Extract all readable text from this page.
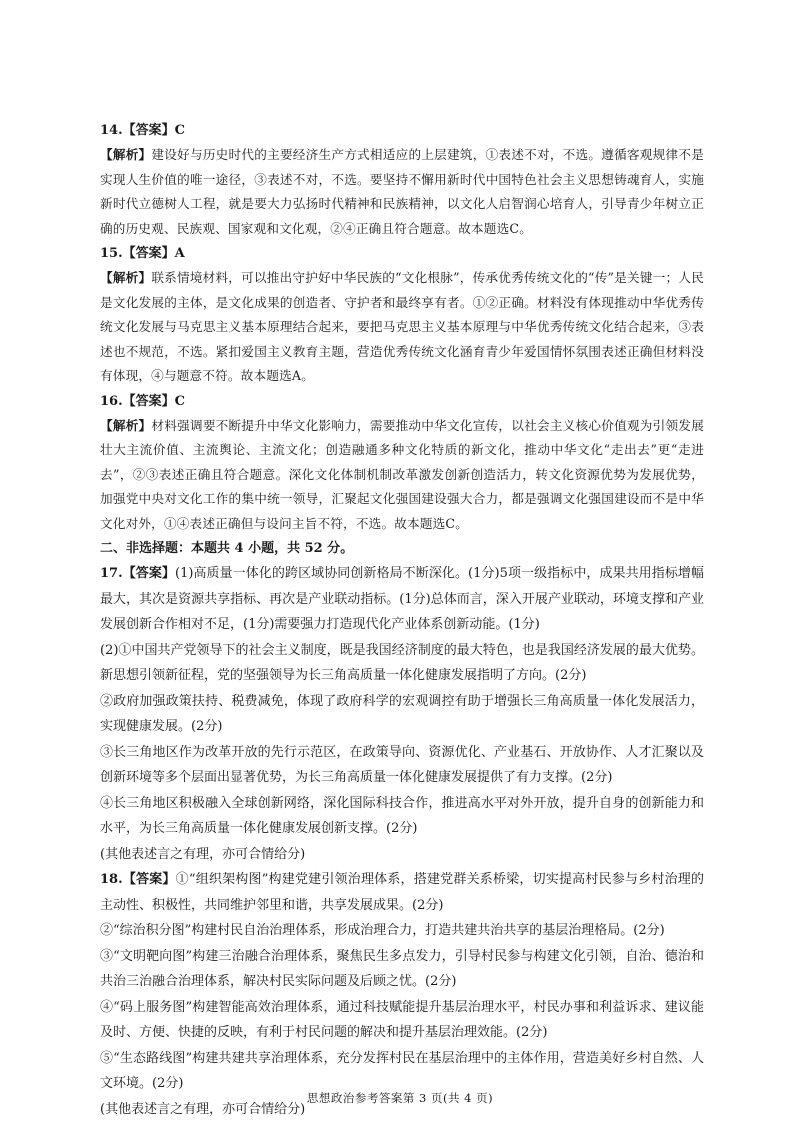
14.【答案】C
【解析】建设好与历史时代的主要经济生产方式相适应的上层建筑，①表述不对，不选。遵循客观规律不是实现人生价值的唯一途径，③表述不对，不选。要坚持不懈用新时代中国特色社会主义思想铸魂育人，实施新时代立德树人工程，就是要大力弘扬时代精神和民族精神，以文化人启智润心培育人，引导青少年树立正确的历史观、民族观、国家观和文化观，②④正确且符合题意。故本题选C。
15.【答案】A
【解析】联系情境材料，可以推出守护好中华民族的“文化根脉”，传承优秀传统文化的“传”是关键一；人民是文化发展的主体，是文化成果的创造者、守护者和最终享有者。①②正确。材料没有体现推动中华优秀传统文化发展与马克思主义基本原理结合起来，要把马克思主义基本原理与中华优秀传统文化结合起来，③表述也不规范，不选。紧扣爱国主义教育主题，营造优秀传统文化涵育青少年爱国情怀氛围表述正确但材料没有体现，④与题意不符。故本题选A。
16.【答案】C
【解析】材料强调要不断提升中华文化影响力，需要推动中华文化宣传，以社会主义核心价值观为引领发展壮大主流价值、主流舆论、主流文化；创造融通多种文化特质的新文化，推动中华文化“走出去”更“走进去”，②③表述正确且符合题意。深化文化体制机制改革激发创新创造活力，转文化资源优势为发展优势，加强党中央对文化工作的集中统一领导，汇聚起文化强国建设强大合力，都是强调文化强国建设而不是中华文化对外，①④表述正确但与设问主旨不符，不选。故本题选C。
二、非选择题：本题共 4 小题，共 52 分。
17.【答案】(1)高质量一体化的跨区域协同创新格局不断深化。(1分)5项一级指标中，成果共用指标增幅最大，其次是资源共享指标、再次是产业联动指标。(1分)总体而言，深入开展产业联动，环境支撑和产业发展创新合作相对不足，(1分)需要强力打造现代化产业体系创新动能。(1分)
(2)①中国共产党领导下的社会主义制度，既是我国经济制度的最大特色，也是我国经济发展的最大优势。新思想引领新征程，党的坚强领导为长三角高质量一体化健康发展指明了方向。(2分)
②政府加强政策扶持、税费减免，体现了政府科学的宏观调控有助于增强长三角高质量一体化发展活力，实现健康发展。(2分)
③长三角地区作为改革开放的先行示范区，在政策导向、资源优化、产业基石、开放协作、人才汇聚以及创新环境等多个层面出显著优势，为长三角高质量一体化健康发展提供了有力支撑。(2分)
④长三角地区积极融入全球创新网络，深化国际科技合作，推进高水平对外开放，提升自身的创新能力和水平，为长三角高质量一体化健康发展创新支撑。(2分)
(其他表述言之有理，亦可合情给分)
18.【答案】①“组织架构图”构建党建引领治理体系，搭建党群关系桥梁，切实提高村民参与乡村治理的主动性、积极性，共同维护邻里和谐，共享发展成果。(2分)
②“综治积分图”构建村民自治治理体系，形成治理合力，打造共建共治共享的基层治理格局。(2分)
③“文明靶向图”构建三治融合治理体系，聚焦民生多点发力，引导村民参与构建文化引领，自治、德治和共治三治融合治理体系，解决村民实际问题及后顾之忧。(2分)
④“码上服务图”构建智能高效治理体系，通过科技赋能提升基层治理水平，村民办事和利益诉求、建议能及时、方便、快捷的反映，有利于村民问题的解决和提升基层治理效能。(2分)
⑤“生态路线图”构建共建共享治理体系，充分发挥村民在基层治理中的主体作用，营造美好乡村自然、人文环境。(2分)
(其他表述言之有理，亦可合情给分)
思想政治参考答案第 3 页(共 4 页)
